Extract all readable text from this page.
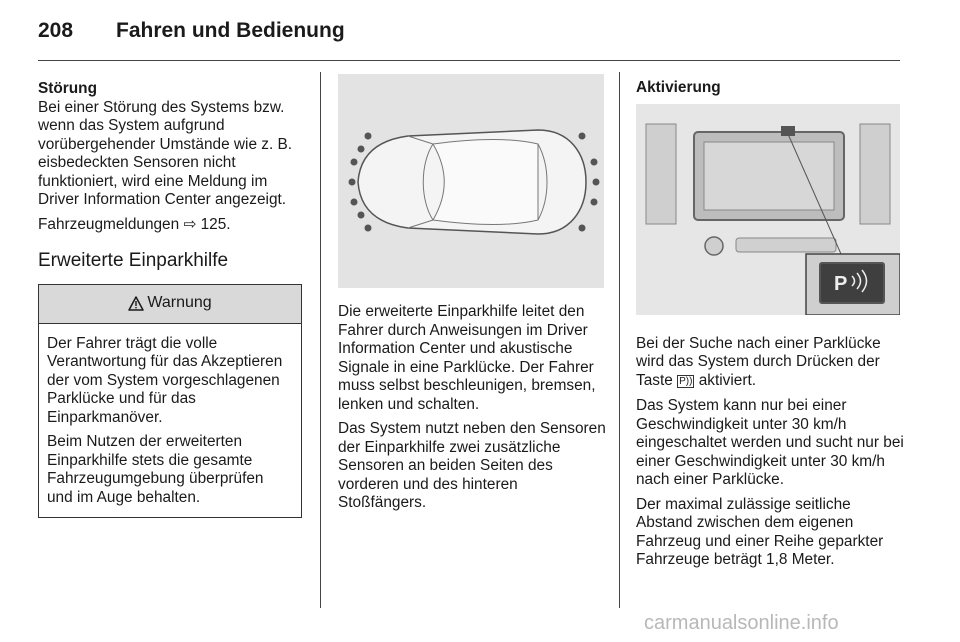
208 Fahren und Bedienung

Störung
Bei einer Störung des Systems bzw. wenn das System aufgrund vorübergehender Umstände wie z. B. eisbedeckten Sensoren nicht funktioniert, wird eine Meldung im Driver Information Center angezeigt.

Fahrzeugmeldungen ⇨ 125.

Erweiterte Einparkhilfe
Warnung

Der Fahrer trägt die volle Verantwortung für das Akzeptieren der vom System vorgeschlagenen Parklücke und für das Einparkmanöver.

Beim Nutzen der erweiterten Einparkhilfe stets die gesamte Fahrzeugumgebung überprüfen und im Auge behalten.

Die erweiterte Einparkhilfe leitet den Fahrer durch Anweisungen im Driver Information Center und akustische Signale in eine Parklücke. Der Fahrer muss selbst beschleunigen, bremsen, lenken und schalten.

Das System nutzt neben den Sensoren der Einparkhilfe zwei zusätzliche Sensoren an beiden Seiten des vorderen und des hinteren Stoßfängers.

P
Aktivierung

Bei der Suche nach einer Parklücke wird das System durch Drücken der Taste P)) aktiviert.

Das System kann nur bei einer Geschwindigkeit unter 30 km/h eingeschaltet werden und sucht nur bei einer Geschwindigkeit unter 30 km/h nach einer Parklücke.

Der maximal zulässige seitliche Abstand zwischen dem eigenen Fahrzeug und einer Reihe geparkter Fahrzeuge beträgt 1,8 Meter.

carmanualsonline.info
